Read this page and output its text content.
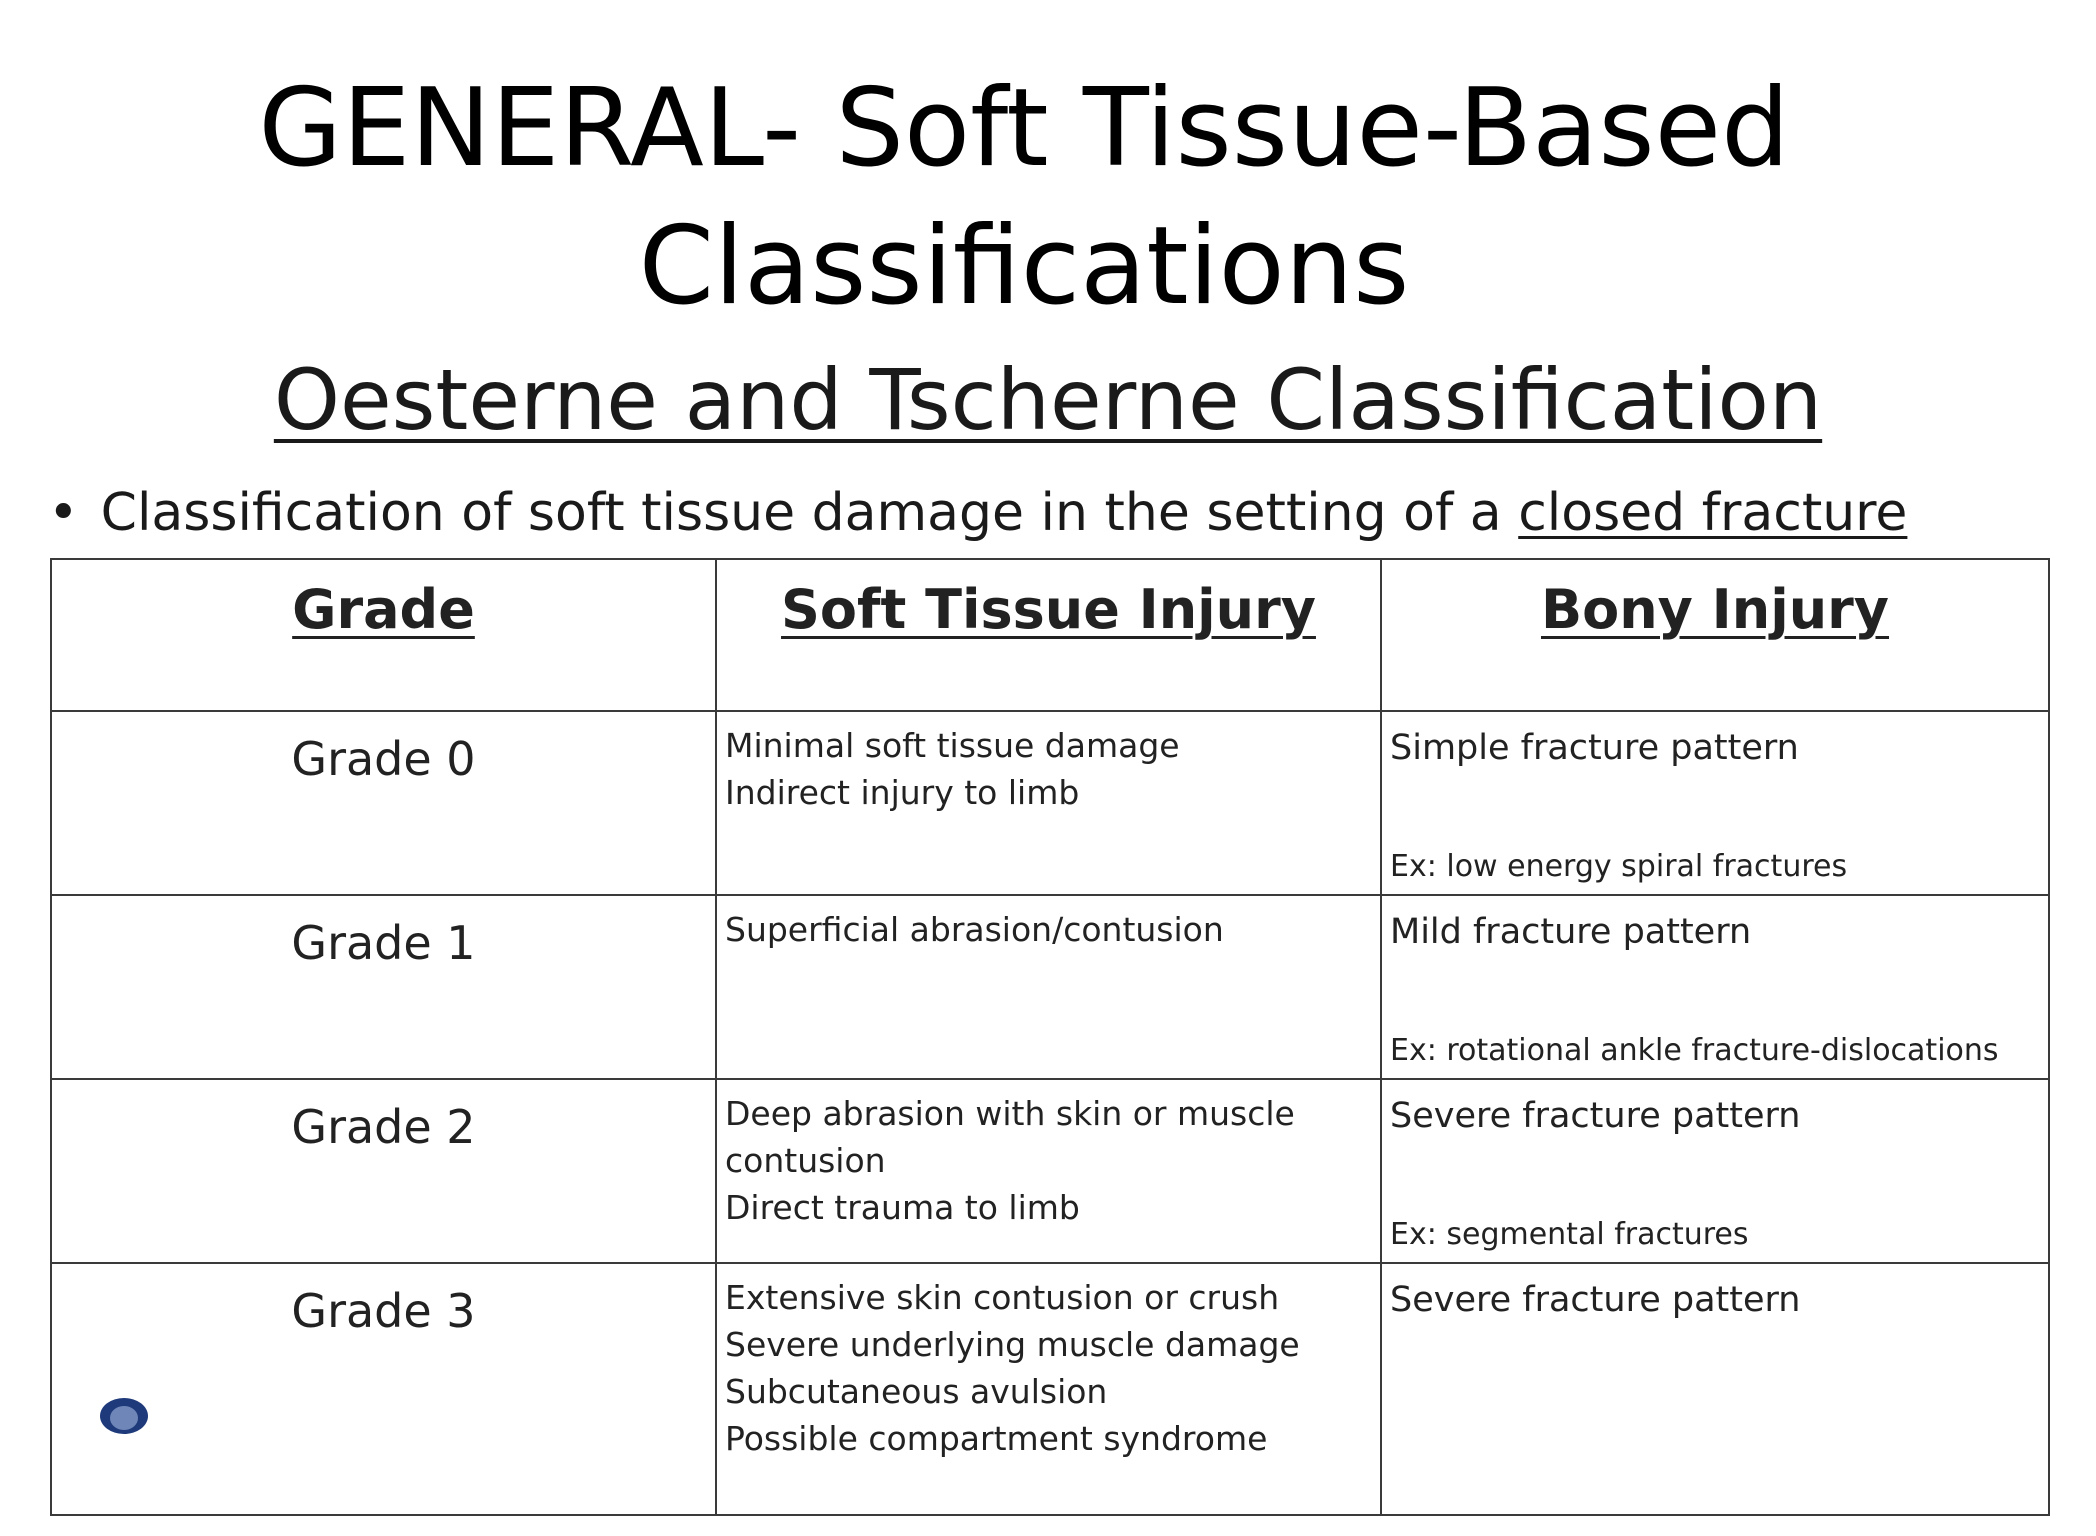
GENERAL- Soft Tissue-Based
Classifications
Oesterne and Tscherne Classification
• Classification of soft tissue damage in the setting of a closed fracture
Grade	Soft Tissue Injury	Bony Injury
Grade 0	Minimal soft tissue damage
Indirect injury to limb	Simple fracture pattern
Ex: low energy spiral fractures

Grade 1	Superficial abrasion/contusion	Mild fracture pattern
Ex: rotational ankle fracture-dislocations

Grade 2	Deep abrasion with skin or muscle contusion
Direct trauma to limb	Severe fracture pattern
Ex: segmental fractures

Grade 3	Extensive skin contusion or crush
Severe underlying muscle damage
Subcutaneous avulsion
Possible compartment syndrome	Severe fracture pattern
